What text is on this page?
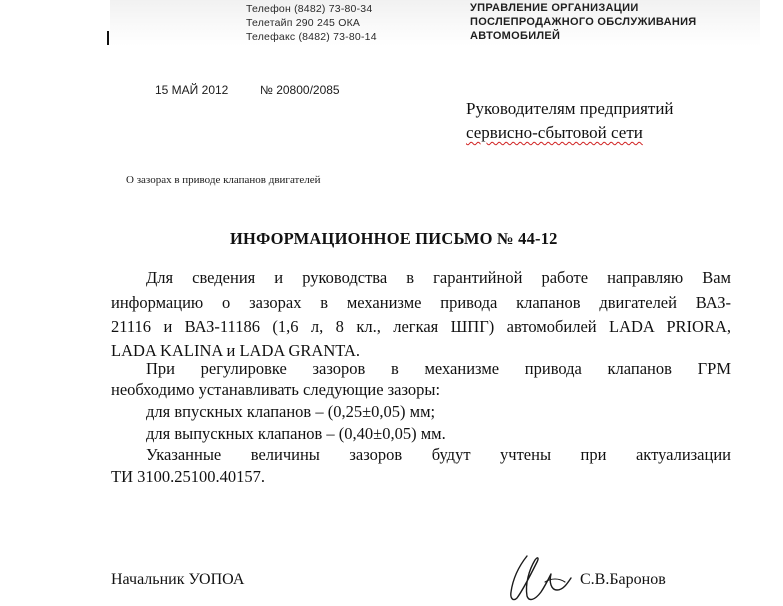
Телефон (8482) 73-80-34
Телетайп 290 245 ОКА
Телефакс (8482) 73-80-14
УПРАВЛЕНИЕ ОРГАНИЗАЦИИ
ПОСЛЕПРОДАЖНОГО ОБСЛУЖИВАНИЯ
АВТОМОБИЛЕЙ
15 МАЙ 2012	№ 20800/2085
Руководителям предприятий
сервисно-сбытовой сети
О зазорах в приводе клапанов двигателей
ИНФОРМАЦИОННОЕ ПИСЬМО № 44-12
Для сведения и руководства в гарантийной работе направляю Вам
информацию о зазорах в механизме привода клапанов двигателей ВАЗ-
21116 и ВАЗ-11186 (1,6 л, 8 кл., легкая ШПГ) автомобилей LADA PRIORA,
LADA KALINA и LADA GRANTA.
При регулировке зазоров в механизме привода клапанов ГРМ
необходимо устанавливать следующие зазоры:
для впускных клапанов – (0,25±0,05) мм;
для выпускных клапанов – (0,40±0,05) мм.
Указанные величины зазоров будут учтены при актуализации
ТИ 3100.25100.40157.
Начальник УОПОА	С.В.Баронов
